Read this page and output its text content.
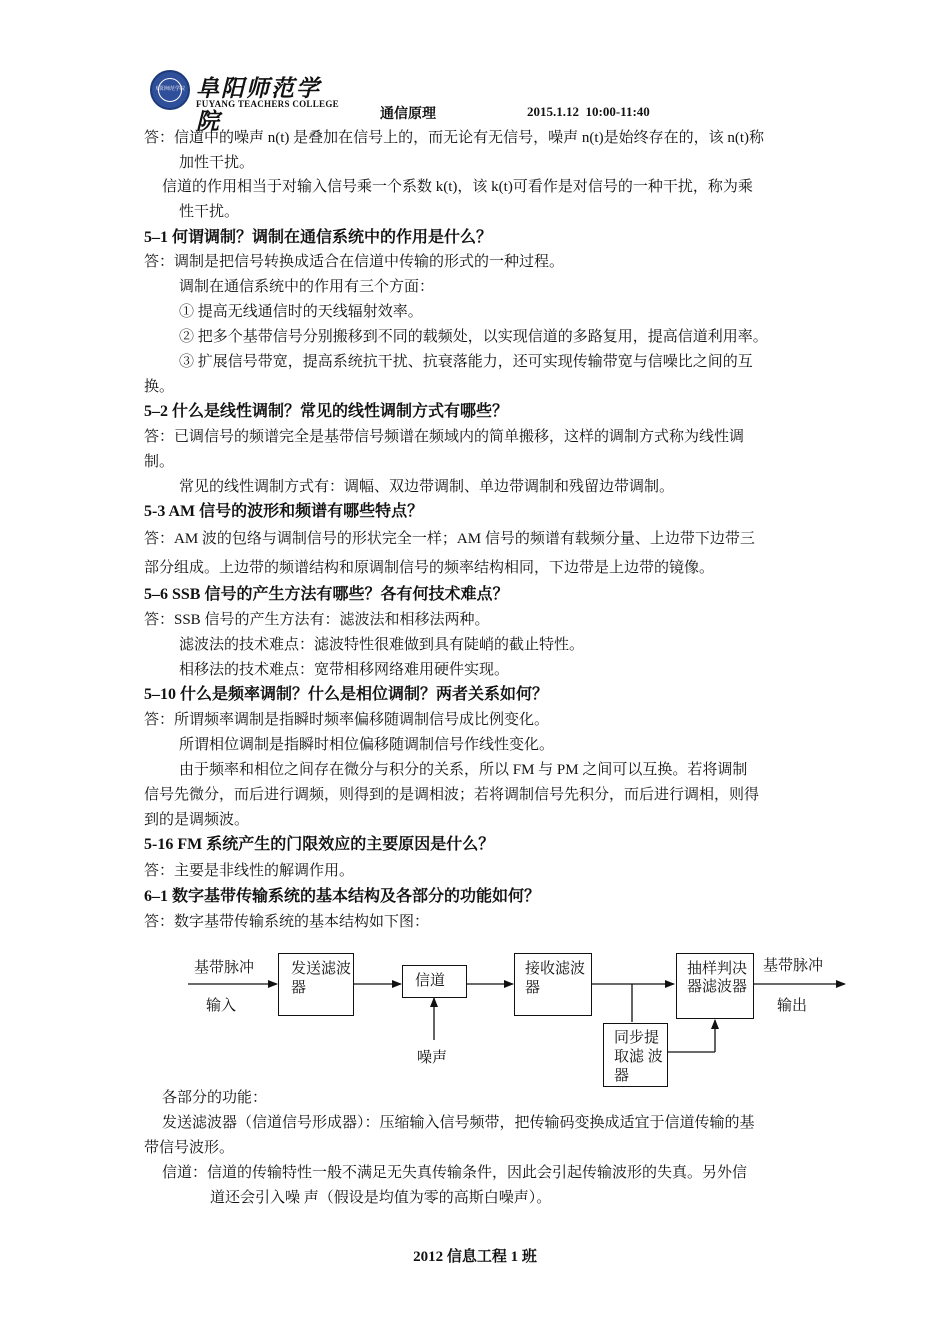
阜阳师范学院 阜阳师范学院
FUYANG TEACHERS COLLEGE
通信原理	2015.1.12  10:00-11:40
答：信道中的噪声 n(t) 是叠加在信号上的，而无论有无信号，噪声 n(t)是始终存在的，该 n(t)称
加性干扰。
信道的作用相当于对输入信号乘一个系数 k(t)，该 k(t)可看作是对信号的一种干扰，称为乘
性干扰。
5–1 何谓调制？调制在通信系统中的作用是什么？
答：调制是把信号转换成适合在信道中传输的形式的一种过程。
调制在通信系统中的作用有三个方面：
① 提高无线通信时的天线辐射效率。
② 把多个基带信号分别搬移到不同的载频处，以实现信道的多路复用，提高信道利用率。
③ 扩展信号带宽，提高系统抗干扰、抗衰落能力，还可实现传输带宽与信噪比之间的互
换。
5–2 什么是线性调制？常见的线性调制方式有哪些？
答：已调信号的频谱完全是基带信号频谱在频域内的简单搬移，这样的调制方式称为线性调
制。
常见的线性调制方式有：调幅、双边带调制、单边带调制和残留边带调制。
5-3 AM 信号的波形和频谱有哪些特点？
答：AM 波的包络与调制信号的形状完全一样；AM 信号的频谱有载频分量、上边带下边带三
部分组成。上边带的频谱结构和原调制信号的频率结构相同，下边带是上边带的镜像。
5–6 SSB 信号的产生方法有哪些？各有何技术难点？
答：SSB 信号的产生方法有：滤波法和相移法两种。
滤波法的技术难点：滤波特性很难做到具有陡峭的截止特性。
相移法的技术难点：宽带相移网络难用硬件实现。
5–10 什么是频率调制？什么是相位调制？两者关系如何？
答：所谓频率调制是指瞬时频率偏移随调制信号成比例变化。
所谓相位调制是指瞬时相位偏移随调制信号作线性变化。
由于频率和相位之间存在微分与积分的关系，所以 FM 与 PM 之间可以互换。若将调制
信号先微分，而后进行调频，则得到的是调相波；若将调制信号先积分，而后进行调相，则得
到的是调频波。
5-16 FM 系统产生的门限效应的主要原因是什么？
答：主要是非线性的解调作用。
6–1 数字基带传输系统的基本结构及各部分的功能如何？
答：数字基带传输系统的基本结构如下图：
基带脉冲
输入
发送滤波器	信道
噪声
接收滤波器
同步提取滤 波器
抽样判决器滤波器
基带脉冲
输出
各部分的功能：
发送滤波器（信道信号形成器）：压缩输入信号频带，把传输码变换成适宜于信道传输的基
带信号波形。
信道：信道的传输特性一般不满足无失真传输条件，因此会引起传输波形的失真。另外信
道还会引入噪 声（假设是均值为零的高斯白噪声）。
2012 信息工程 1 班
